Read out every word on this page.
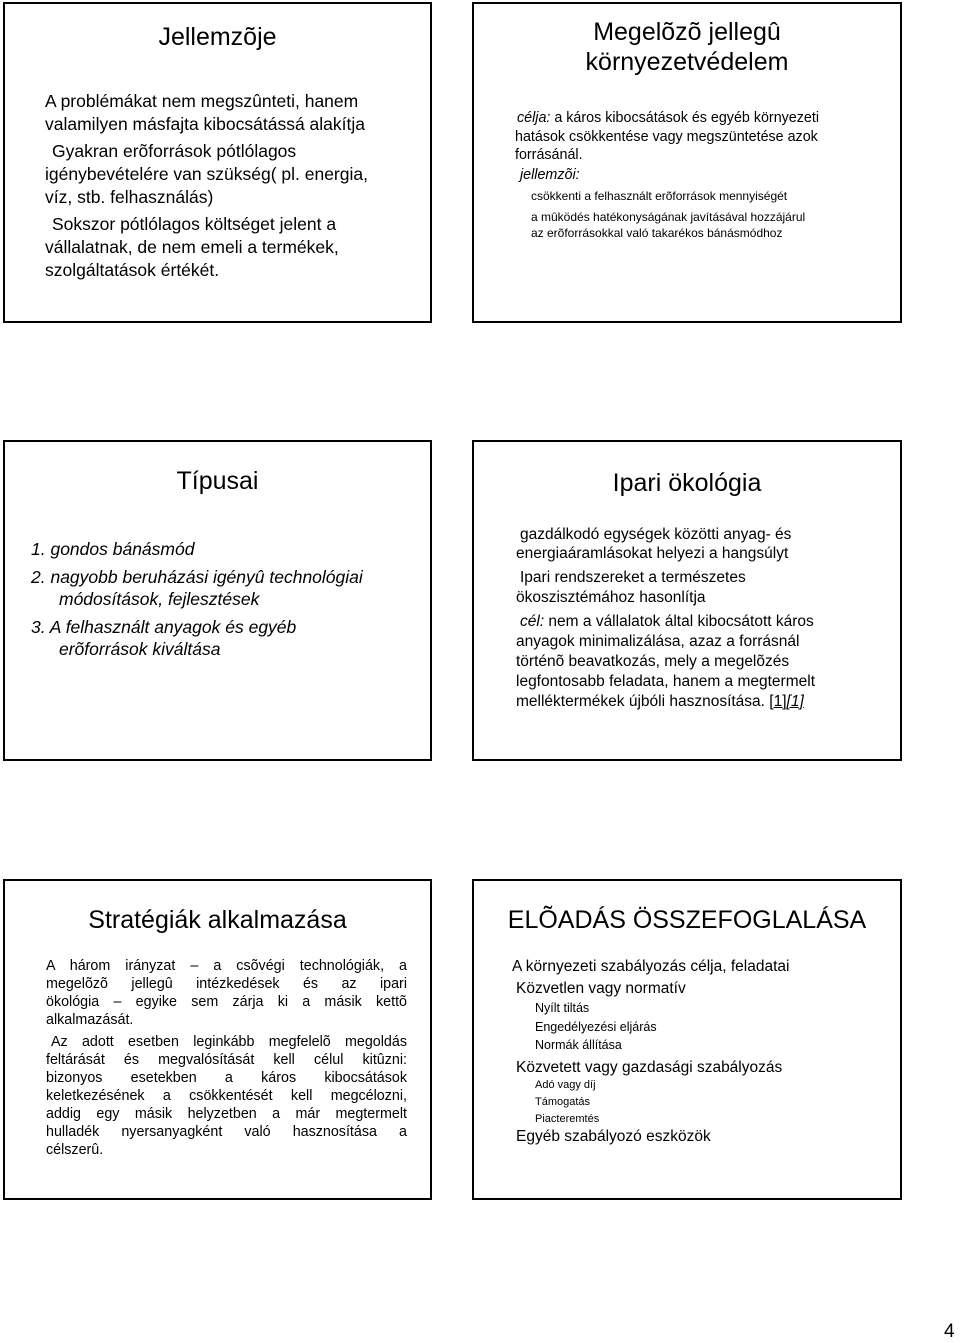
Jellemzõje
A problémákat nem megszûnteti, hanem
valamilyen másfajta kibocsátássá alakítja
Gyakran erõforrások pótlólagos
igénybevételére van szükség( pl. energia,
víz, stb. felhasználás)
Sokszor pótlólagos költséget jelent a
vállalatnak, de nem emeli a termékek,
szolgáltatások értékét.
Megelõzõ jellegû
környezetvédelem
célja: a káros kibocsátások és egyéb környezeti
hatások csökkentése vagy megszüntetése azok
forrásánál.
jellemzõi:
csökkenti a felhasznált erõforrások mennyiségét
a mûködés hatékonyságának javításával hozzájárul
az erõforrásokkal való takarékos bánásmódhoz
Típusai
1. gondos bánásmód
2. nagyobb beruházási igényû technológiai
módosítások, fejlesztések
3. A felhasznált anyagok és egyéb
erõforrások kiváltása
Ipari ökológia
gazdálkodó egységek közötti anyag- és
energiaáramlásokat helyezi a hangsúlyt
Ipari rendszereket a természetes
ökoszisztémához hasonlítja
cél: nem a vállalatok által kibocsátott káros
anyagok minimalizálása, azaz a forrásnál
történõ beavatkozás, mely a megelõzés
legfontosabb feladata, hanem a megtermelt
melléktermékek újbóli hasznosítása. [1][1]
Stratégiák alkalmazása
A három irányzat – a csõvégi technológiák, a
megelõzõ jellegû intézkedések és az ipari
ökológia – egyike sem zárja ki a másik kettõ
alkalmazását.
Az adott esetben leginkább megfelelõ megoldás
feltárását és megvalósítását kell célul kitûzni:
bizonyos esetekben a káros kibocsátások
keletkezésének a csökkentését kell megcélozni,
addig egy másik helyzetben a már megtermelt
hulladék nyersanyagként való hasznosítása a
célszerû.
ELÕADÁS ÖSSZEFOGLALÁSA
A környezeti szabályozás célja, feladatai
Közvetlen vagy normatív
Nyílt tiltás
Engedélyezési eljárás
Normák állítása
Közvetett vagy gazdasági szabályozás
Adó vagy díj
Támogatás
Piacteremtés
Egyéb szabályozó eszközök
4
